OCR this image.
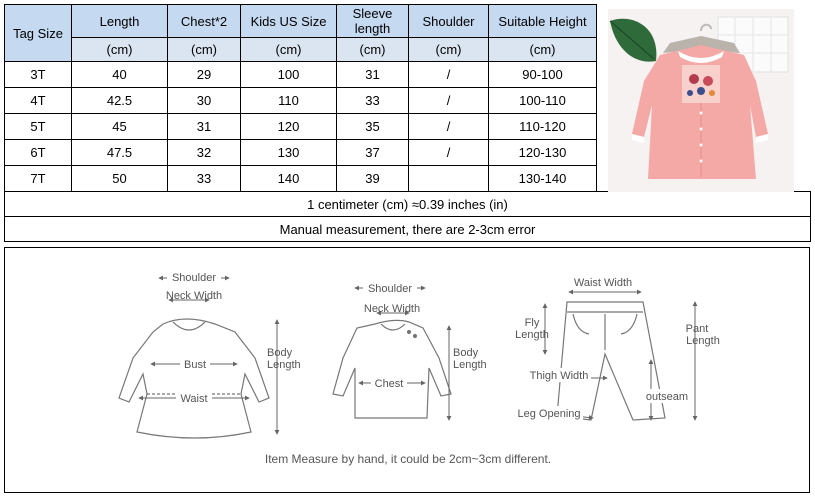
Tag Size	Length	Chest*2	Kids US Size	Sleeve length	Shoulder	Suitable Height	
	(cm)	(cm)	(cm)	(cm)	(cm)	(cm)	
3T	40	29	100	31	/	90-100	
4T	42.5	30	110	33	/	100-110	
5T	45	31	120	35	/	110-120	
6T	47.5	32	130	37	/	120-130	
7T	50	33	140	39		130-140	
1 centimeter (cm) ≈0.39 inches (in)							
Manual measurement, there are 2-3cm error							
Shoulder
Neck Width
Bust
Waist
Body
Length
Shoulder
Neck Width
Chest
Body
Length
Waist Width
Fly
Length	Pant
Length
Thigh Width
outseam
Leg Opening
Item Measure by hand, it could be 2cm~3cm different.
